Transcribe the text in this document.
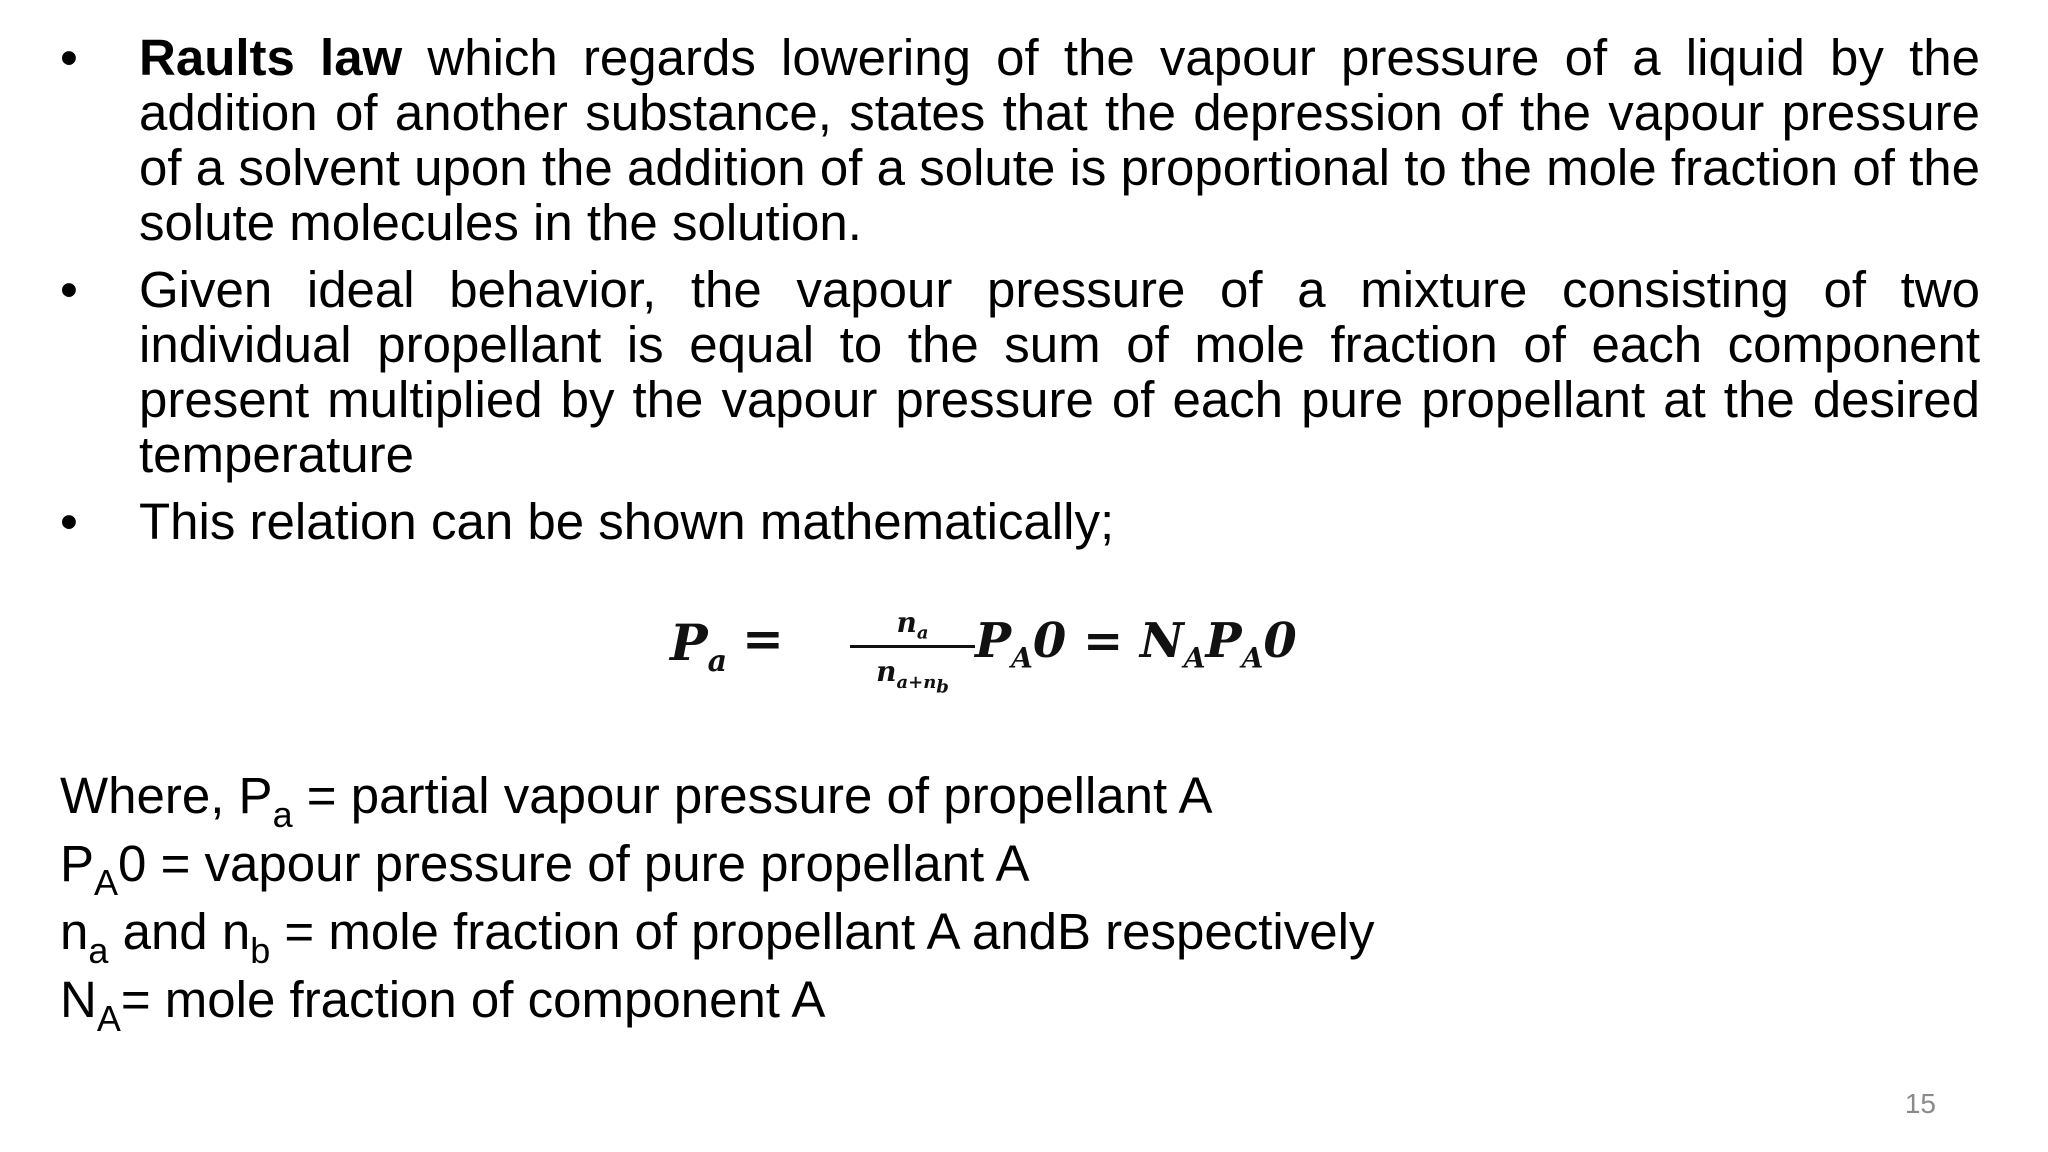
• Raults law which regards lowering of the vapour pressure of a liquid by the addition of another substance, states that the depression of the vapour pressure of a solvent upon the addition of a solute is proportional to the mole fraction of the solute molecules in the solution.
• Given ideal behavior, the vapour pressure of a mixture consisting of two individual propellant is equal to the sum of mole fraction of each component present multiplied by the vapour pressure of each pure propellant at the desired temperature
• This relation can be shown mathematically;
$P_a$ =	$n_a$
$n_{a+n_b}$
$P_A0 = N_AP_A0$
Where, $P_a$ = partial vapour pressure of propellant A
$P_A0$ = vapour pressure of pure propellant A
$n_a$ and $n_b$ = mole fraction of propellant A andB respectively
$N_A=$ mole fraction of component A
15
